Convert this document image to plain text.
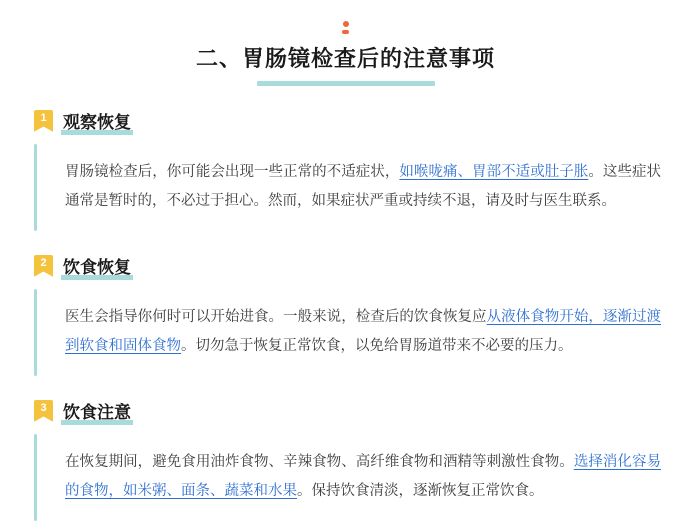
二、胃肠镜检查后的注意事项
1 观察恢复

胃肠镜检查后，你可能会出现一些正常的不适症状，如喉咙痛、胃部不适或肚子胀。这些症状通常是暂时的，不必过于担心。然而，如果症状严重或持续不退，请及时与医生联系。

2 饮食恢复

医生会指导你何时可以开始进食。一般来说，检查后的饮食恢复应从液体食物开始，逐渐过渡到软食和固体食物。切勿急于恢复正常饮食，以免给胃肠道带来不必要的压力。

3 饮食注意

在恢复期间，避免食用油炸食物、辛辣食物、高纤维食物和酒精等刺激性食物。选择消化容易的食物，如米粥、面条、蔬菜和水果。保持饮食清淡，逐渐恢复正常饮食。
